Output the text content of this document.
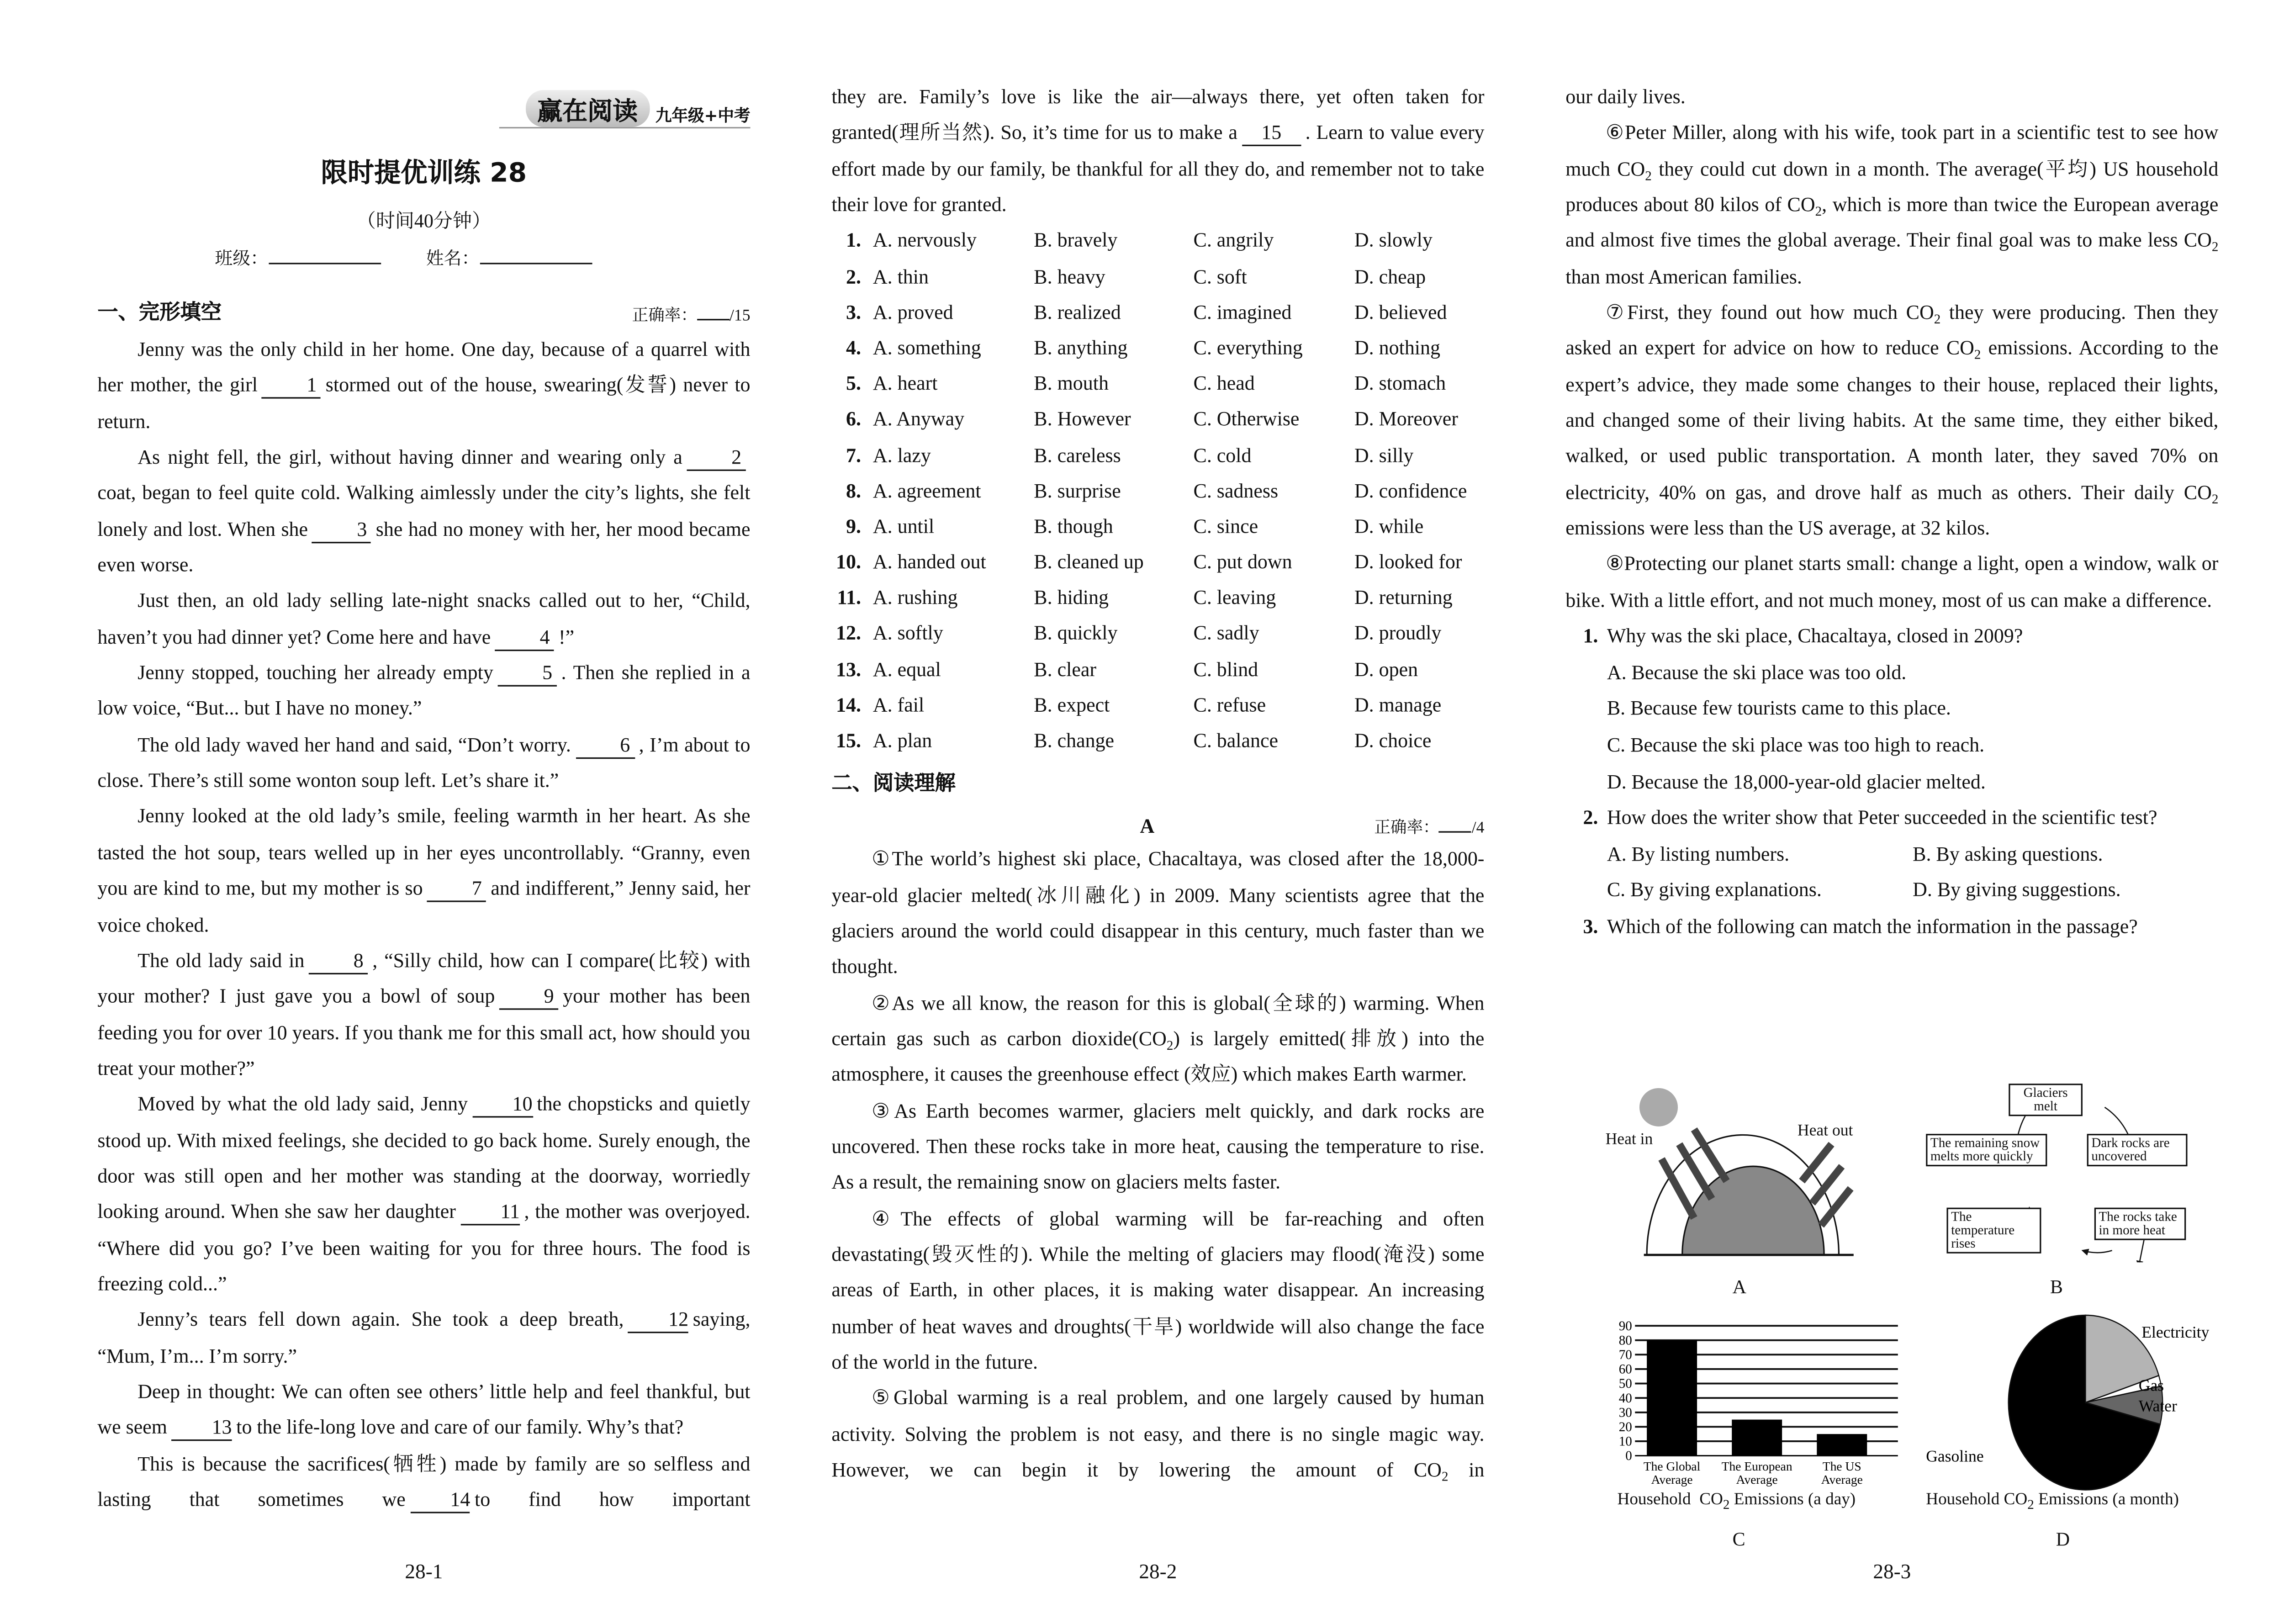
赢在阅读	九年级+中考
限时提优训练 28
（时间40分钟）
班级：	姓名：
一、完形填空	正确率：	/15

Jenny was the only child in her home. One day, because of a quarrel with her mother, the girl	1 stormed out of the house, swearing(发誓) never to return.

As night fell, the girl, without having dinner and wearing only a	2coat, began to feel quite cold. Walking aimlessly under the city’s lights, she felt lonely and lost. When she	3 she had no money with her, her mood became even worse.

Just then, an old lady selling late-night snacks called out to her, “Child, haven’t you had dinner yet? Come here and have	4 !”

Jenny stopped, touching her already empty	5 . Then she replied in a low voice, “But... but I have no money.”

The old lady waved her hand and said, “Don’t worry.	6 , I’m about to close. There’s still some wonton soup left. Let’s share it.”

Jenny looked at the old lady’s smile, feeling warmth in her heart. As she tasted the hot soup, tears welled up in her eyes uncontrollably. “Granny, even you are kind to me, but my mother is so	7 and indifferent,” Jenny said, her voice choked.

The old lady said in	8 , “Silly child, how can I compare(比较) with your mother? I just gave you a bowl of soup	9 your mother has been feeding you for over 10 years. If you thank me for this small act, how should you treat your mother?”

Moved by what the old lady said, Jenny	10 the chopsticks and quietly stood up. With mixed feelings, she decided to go back home. Surely enough, the door was still open and her mother was standing at the doorway, worriedly looking around. When she saw her daughter	11 , the mother was overjoyed. “Where did you go? I’ve been waiting for you for three hours. The food is freezing cold...”

Jenny’s tears fell down again. She took a deep breath,	12 saying, “Mum, I’m... I’m sorry.”

Deep in thought: We can often see others’ little help and feel thankful, but we seem	13 to the life-long love and care of our family. Why’s that?

This is because the sacrifices(牺牲) made by family are so selfless and lasting that sometimes we	14 to find how important

they are. Family’s love is like the air—always there, yet often taken for granted(理所当然). So, it’s time for us to make a	15	. Learn to value every effort made by our family, be thankful for all they do, and remember not to take their love for granted.

1. A. nervously	B. bravely	C. angrily	D. slowly
2. A. thin	B. heavy	C. soft	D. cheap
3. A. proved	B. realized	C. imagined	D. believed
4. A. something	B. anything	C. everything	D. nothing
5. A. heart	B. mouth	C. head	D. stomach
6. A. Anyway	B. However	C. Otherwise	D. Moreover
7. A. lazy	B. careless	C. cold	D. silly
8. A. agreement	B. surprise	C. sadness	D. confidence
9. A. until	B. though	C. since	D. while
10. A. handed out	B. cleaned up	C. put down	D. looked for
11. A. rushing	B. hiding	C. leaving	D. returning
12. A. softly	B. quickly	C. sadly	D. proudly
13. A. equal	B. clear	C. blind	D. open
14. A. fail	B. expect	C. refuse	D. manage
15. A. plan	B. change	C. balance	D. choice
二、阅读理解
A	正确率：	/4

①The world’s highest ski place, Chacaltaya, was closed after the 18,000-year-old glacier melted(冰川融化) in 2009. Many scientists agree that the glaciers around the world could disappear in this century, much faster than we thought.

②As we all know, the reason for this is global(全球的) warming. When certain gas such as carbon $dioxide(CO_2)$ is largely emitted(排放) into the atmosphere, it causes the greenhouse effect (效应) which makes Earth warmer.

③As Earth becomes warmer, glaciers melt quickly, and dark rocks are uncovered. Then these rocks take in more heat, causing the temperature to rise. As a result, the remaining snow on glaciers melts faster.

④The effects of global warming will be far-reaching and often devastating(毁灭性的). While the melting of glaciers may flood(淹没) some areas of Earth, in other places, it is making water disappear. An increasing number of heat waves and droughts(干旱) worldwide will also change the face of the world in the future.

⑤Global warming is a real problem, and one largely caused by human activity. Solving the problem is not easy, and there is no single magic way. However, we can begin it by lowering the amount of $CO_2$ in

our daily lives.

⑥Peter Miller, along with his wife, took part in a scientific test to see how much $CO_2$ they could cut down in a month. The average(平均) US household produces about 80 kilos of $CO_2$, which is more than twice the European average and almost five times the global average. Their final goal was to make less $CO_2$ than most American families.

⑦First, they found out how much $CO_2$ they were producing. Then they asked an expert for advice on how to reduce $CO_2$ emissions. According to the expert’s advice, they made some changes to their house, replaced their lights, and changed some of their living habits. At the same time, they either biked, walked, or used public transportation. A month later, they saved 70% on electricity, 40% on gas, and drove half as much as others. Their daily $CO_2$ emissions were less than the US average, at 32 kilos.

⑧Protecting our planet starts small: change a light, open a window, walk or bike. With a little effort, and not much money, most of us can make a difference.

1. Why was the ski place, Chacaltaya, closed in 2009?
A. Because the ski place was too old.
B. Because few tourists came to this place.
C. Because the ski place was too high to reach.
D. Because the 18,000-year-old glacier melted.
2. How does the writer show that Peter succeeded in the scientific test?
A. By listing numbers.	B. By asking questions.
C. By giving explanations.	D. By giving suggestions.
3. Which of the following can match the information in the passage?
Heat in	Heat out
A
Glaciers melt
Dark rocks are uncovered
The rocks take in more heat
The temperature rises
The remaining snow melts more quickly
B
0
10
20
30
40
50
60
70
80
90
The Global
Average
The European
Average
The US
Average
Household $CO_2$ Emissions (a day)
C
Electricity
Gas
Water
Gasoline
Household $CO_2$ Emissions (a month)
D
28-1	28-2	28-3
